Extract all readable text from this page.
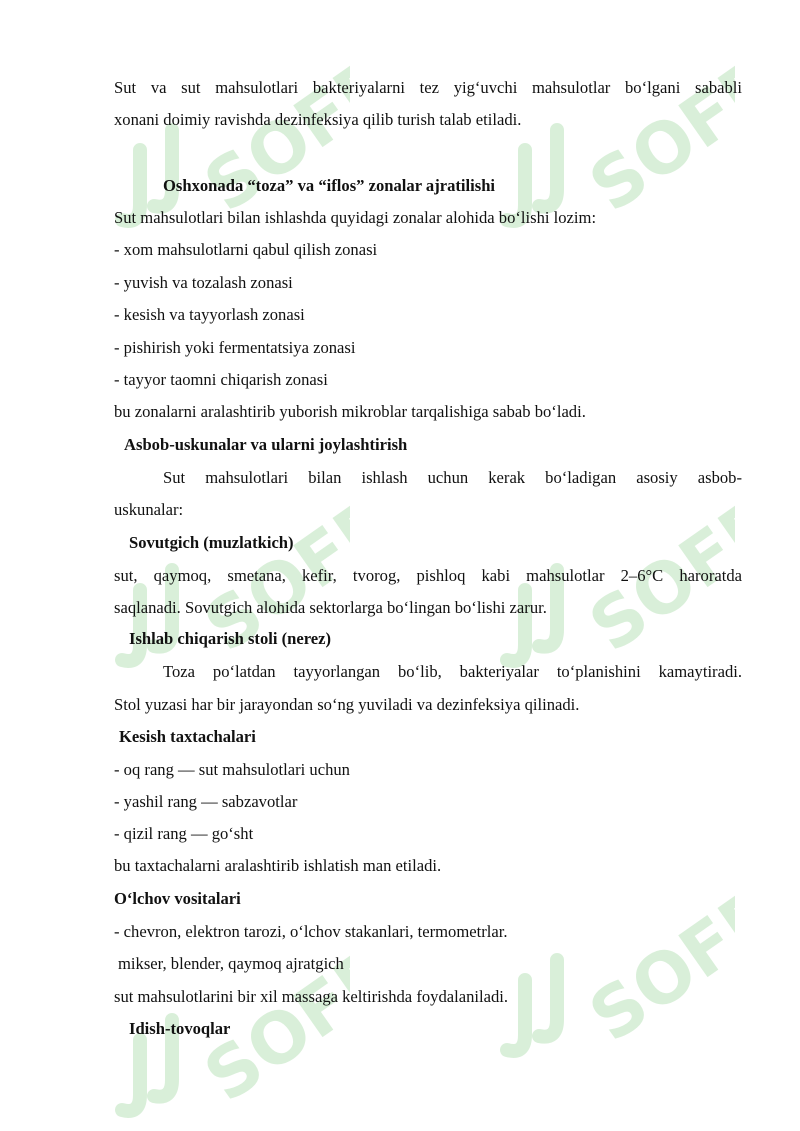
SOFF SOFF
SOFF
SOFF
SOFF
SOFF
Sut va sut mahsulotlari bakteriyalarni tez yig‘uvchi mahsulotlar bo‘lgani sababli
xonani doimiy ravishda dezinfeksiya qilib turish talab etiladi.
Oshxonada “toza” va “iflos” zonalar ajratilishi
Sut mahsulotlari bilan ishlashda quyidagi zonalar alohida bo‘lishi lozim:
- xom mahsulotlarni qabul qilish zonasi
- yuvish va tozalash zonasi
- kesish va tayyorlash zonasi
- pishirish yoki fermentatsiya zonasi
- tayyor taomni chiqarish zonasi
bu zonalarni aralashtirib yuborish mikroblar tarqalishiga sabab bo‘ladi.
Asbob-uskunalar va ularni joylashtirish
Sut mahsulotlari bilan ishlash uchun kerak bo‘ladigan asosiy asbob-
uskunalar:
Sovutgich (muzlatkich)
sut, qaymoq, smetana, kefir, tvorog, pishloq kabi mahsulotlar 2–6°C haroratda
saqlanadi. Sovutgich alohida sektorlarga bo‘lingan bo‘lishi zarur.
Ishlab chiqarish stoli (nerez)
Toza po‘latdan tayyorlangan bo‘lib, bakteriyalar to‘planishini kamaytiradi.
Stol yuzasi har bir jarayondan so‘ng yuviladi va dezinfeksiya qilinadi.
Kesish taxtachalari
- oq rang — sut mahsulotlari uchun
- yashil rang — sabzavotlar
- qizil rang — go‘sht
bu taxtachalarni aralashtirib ishlatish man etiladi.
O‘lchov vositalari
- chevron, elektron tarozi, o‘lchov stakanlari, termometrlar.
mikser, blender, qaymoq ajratgich
sut mahsulotlarini bir xil massaga keltirishda foydalaniladi.
Idish-tovoqlar
